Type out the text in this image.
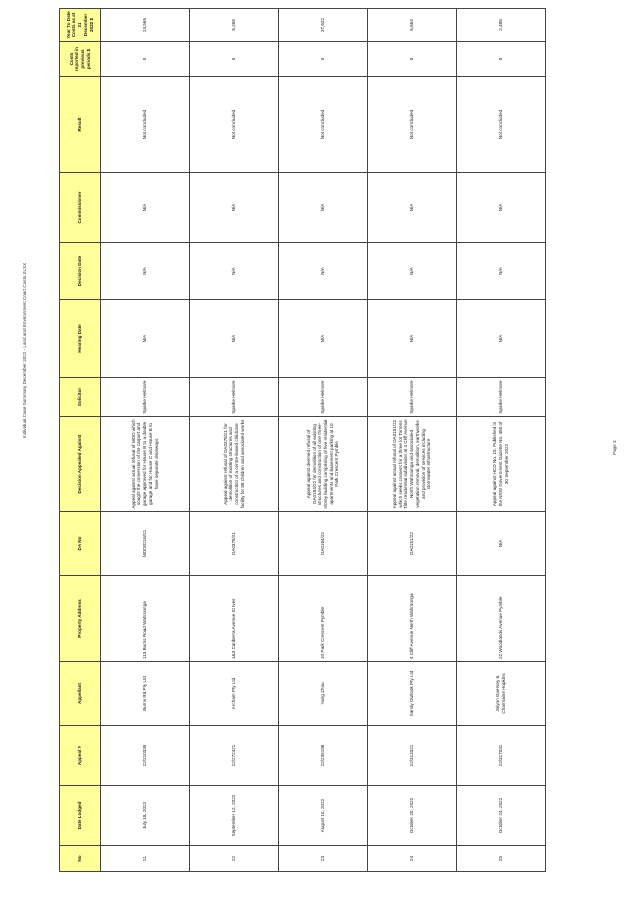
Individual Case Summary December 2022 - Land and Environment Court Costs.XLSX
Page 3
No	Date Lodged	Appeal #	Appellant	Property Address	DA No	Decision Appealed Against	Solicitor	Hearing Date	Decision Date	Commissioner	Result	Costs reported in previous periods $	Year To Date Costs as at 31 December 2022 $
21	July 18, 2022	22/210335	Burns Rd Pty Ltd	113 Burns Road Wahroonga	MOD0216/21	Appeal against actual refusal of MOD which sought the conversion of the carport and garage approved for House B to a double garage and for House C and House B to have separate driveways	Sparke Helmore	N/A	N/A	N/A	Not concluded	0	24,565
22	September 12, 2022	22/272421	Archam Pty Ltd	1&3 Canberra Avenue St Ives	DA0378/21	Appeal against refusal of DA0378/21 for demolition of existing structures and construction of a centre-based childcare facility for 88 children and associated works	Sparke Helmore	N/A	N/A	N/A	Not concluded	0	8,268
23	August 10, 2022	22/235198	Yang Zhou	10 Park Crescent Pymble	DA0184/22	Appeal against deemed refusal of DA0184/22 for demolition of all existing structures and construction of one three-storey building comprising of five residential apartments and basement parking at 10 Park Crescent Pymble	Sparke Helmore	N/A	N/A	N/A	Not concluded	0	37,632
24	October 20, 2022	22/313321	Sandy Outlook Pty Ltd	4 Cliff Avenue North Wahroonga	DA0151/22	Appeal against actual refusal of DA0151/22 which seeks consent for a three lot Torrens Title residential subdivision at 4 Cliff Avenue North Wahroonga and associated vegetation removal, demolition, earthworks and provision of services including stormwater infrastructure	Sparke Helmore	N/A	N/A	N/A	Not concluded	0	6,684
25	October 24, 2022	22/317031	Jolyon Guersey & Charmaine Hopkins	22 Woodlands Avenue Pymble	N/A	Appeal against HCO No. 15. Published in the NSW Government Gazette No. 480 of 30 September 2022	Sparke Helmore	N/A	N/A	N/A	Not concluded	0	2,488
